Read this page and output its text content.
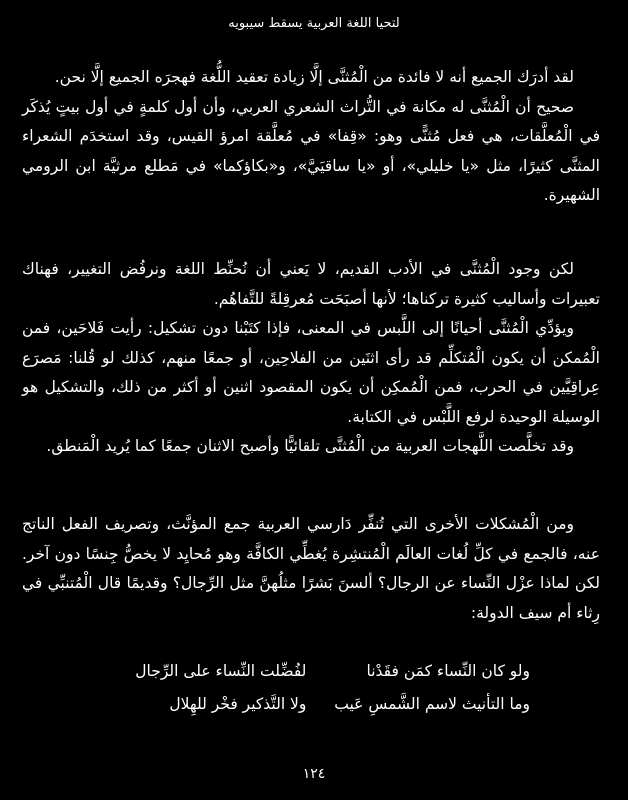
لتحيا اللغة العربية يسقط سيبويه

لقد أدرَك الجميع أنه لا فائدة من الْمُثنَّى إلَّا زيادة تعقيد اللُّغة فهجرَه الجميع إلَّا نحن.

صحيح أن الْمُثنَّى له مكانة في التُّراث الشعري العربي، وأن أول كلمةٍ في أول بيتٍ يُذكَر في الْمُعلَّقات، هي فعل مُثنًّى وهو: «قِفا» في مُعلَّقة امرؤ القيس، وقد استخدَم الشعراء المثنَّى كثيرًا، مثل «يا خليلي»، أو «يا ساقيَيَّ»، و«بكاؤكما» في مَطلع مرثيَّة ابن الرومي الشهيرة.

لكن وجود الْمُثنَّى في الأدب القديم، لا يَعني أن نُحنِّط اللغة ونرفُض التغيير، فهناك تعبيرات وأساليب كثيرة تركناها؛ لأنها أصبَحَت مُعرقِلةً للتَّفاهُم.

ويؤدِّي الْمُثنَّى أحيانًا إلى اللَّبس في المعنى، فإذا كتَبْنا دون تشكيل: رأيت فَلاحَين، فمن الْمُمكن أن يكون الْمُتكلِّم قد رأى اثنَين من الفلاحِين، أو جمعًا منهم، كذلك لو قُلنا: مَصرَع عِراقِيَّين في الحرب، فمن الْمُمكِن أن يكون المقصود اثنين أو أكثر من ذلك، والتشكيل هو الوسيلة الوحيدة لرفع اللَّبْس في الكتابة.

وقد تخلَّصت اللَّهجات العربية من الْمُثنَّى تلقائيًّا وأصبح الاثنان جمعًا كما يُريد الْمَنطق.

ومن الْمُشكلات الأخرى التي تُنفِّر دَارسي العربية جمع المؤنَّث، وتصريف الفعل الناتج عنه، فالجمع في كلِّ لُغات العالَم الْمُنتشِرة يُغطِّي الكافَّة وهو مُحايِد لا يخصُّ جِنسًا دون آخر. لكن لماذا عزْل النِّساء عن الرجال؟ ألسنَ بَشرًا مثلُهنَّ مثل الرِّجال؟ وقديمًا قال الْمُتنبِّي في رِثاء أم سيف الدولة:

ولو كان النِّساء كمَن فقَدْنا
لفُضِّلت النِّساء على الرِّجال
وما التأنيث لاسم الشَّمسِ عَيب
ولا التَّذكير فخْر للهِلال
١٢٤
